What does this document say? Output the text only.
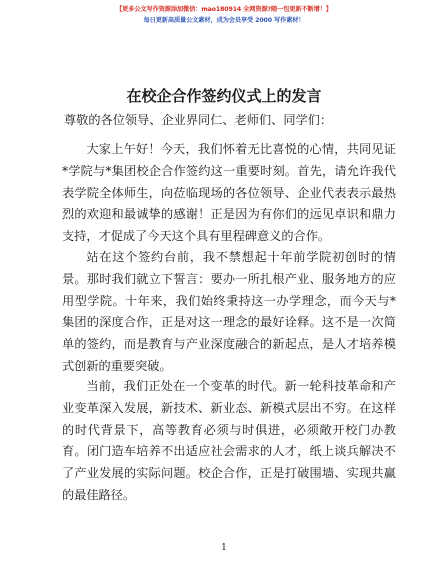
【更多公文写作资源添加微信：mao180914 全网资源?随一包更新不断增！】
每日更新高质量公文素材，成为会员享受 2000 写作素材！
在校企合作签约仪式上的发言
尊敬的各位领导、企业界同仁、老师们、同学们：

大家上午好！今天，我们怀着无比喜悦的心情，共同见证*学院与*集团校企合作签约这一重要时刻。首先，请允许我代表学院全体师生，向莅临现场的各位领导、企业代表表示最热烈的欢迎和最诚挚的感谢！正是因为有你们的远见卓识和鼎力支持，才促成了今天这个具有里程碑意义的合作。

站在这个签约台前，我不禁想起十年前学院初创时的情景。那时我们就立下誓言：要办一所扎根产业、服务地方的应用型学院。十年来，我们始终秉持这一办学理念，而今天与*集团的深度合作，正是对这一理念的最好诠释。这不是一次简单的签约，而是教育与产业深度融合的新起点，是人才培养模式创新的重要突破。

当前，我们正处在一个变革的时代。新一轮科技革命和产业变革深入发展，新技术、新业态、新模式层出不穷。在这样的时代背景下，高等教育必须与时俱进，必须敞开校门办教育。闭门造车培养不出适应社会需求的人才，纸上谈兵解决不了产业发展的实际问题。校企合作，正是打破围墙、实现共赢的最佳路径。

1
